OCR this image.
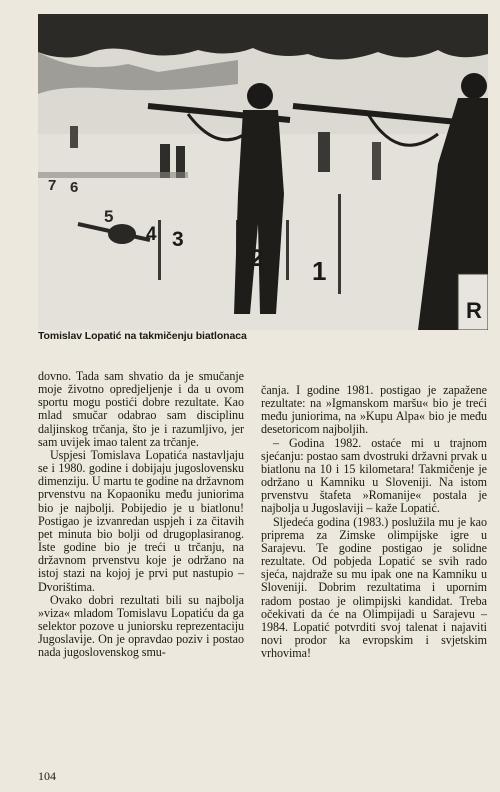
7 6
5
4 3
2 1
R
Tomislav Lopatić na takmičenju biatlonaca

dovno. Tada sam shvatio da je smučanje moje životno opredjeljenje i da u ovom sportu mogu postići dobre rezultate. Kao mlad smučar odabrao sam disciplinu daljinskog trčanja, što je i razumljivo, jer sam uvijek imao talent za trčanje.

Uspjesi Tomislava Lopatića nastavljaju se i 1980. godine i dobijaju jugoslovensku dimenziju. U martu te godine na državnom prvenstvu na Kopaoniku među juniorima bio je najbolji. Pobijedio je u biatlonu! Postigao je izvanredan uspjeh i za čitavih pet minuta bio bolji od drugoplasiranog. Iste godine bio je treći u trčanju, na državnom prvenstvu koje je održano na istoj stazi na kojoj je prvi put nastupio – Dvorištima.

Ovako dobri rezultati bili su najbolja »viza« mladom Tomislavu Lopatiću da ga selektor pozove u juniorsku reprezentaciju Jugoslavije. On je opravdao poziv i postao nada jugoslovenskog smu-

čanja. I godine 1981. postigao je zapažene rezultate: na »Igmanskom maršu« bio je treći među juniorima, na »Kupu Alpa« bio je među desetoricom najboljih.

– Godina 1982. ostaće mi u trajnom sjećanju: postao sam dvostruki državni prvak u biatlonu na 10 i 15 kilometara! Takmičenje je održano u Kamniku u Sloveniji. Na istom prvenstvu štafeta »Romanije« postala je najbolja u Jugoslaviji – kaže Lopatić.

Sljedeća godina (1983.) poslužila mu je kao priprema za Zimske olimpijske igre u Sarajevu. Te godine postigao je solidne rezultate. Od pobjeda Lopatić se svih rado sjeća, najdraže su mu ipak one na Kamniku u Sloveniji. Dobrim rezultatima i upornim radom postao je olimpijski kandidat. Treba očekivati da će na Olimpijadi u Sarajevu – 1984. Lopatić potvrditi svoj talenat i najaviti novi prodor ka evropskim i svjetskim vrhovima!

104
